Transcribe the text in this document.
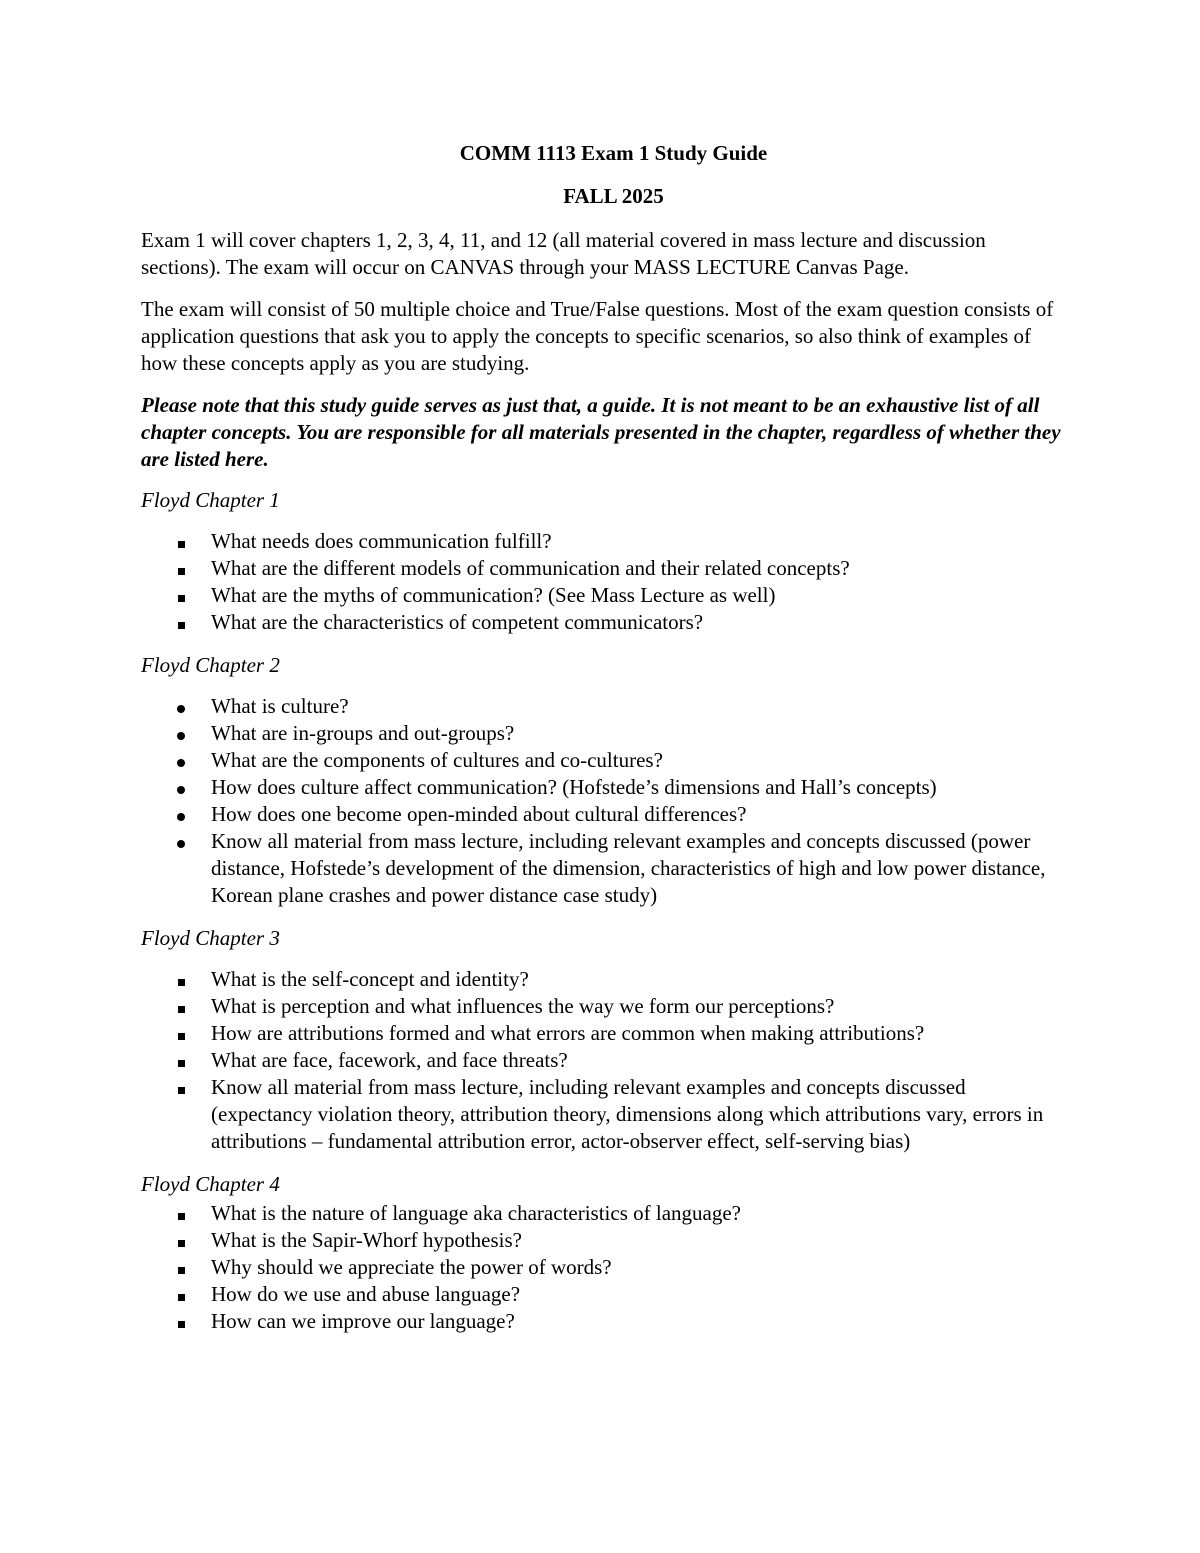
COMM 1113 Exam 1 Study Guide
FALL 2025

Exam 1 will cover chapters 1, 2, 3, 4, 11, and 12 (all material covered in mass lecture and discussion sections). The exam will occur on CANVAS through your MASS LECTURE Canvas Page.

The exam will consist of 50 multiple choice and True/False questions. Most of the exam question consists of application questions that ask you to apply the concepts to specific scenarios, so also think of examples of how these concepts apply as you are studying.

Please note that this study guide serves as just that, a guide. It is not meant to be an exhaustive list of all chapter concepts. You are responsible for all materials presented in the chapter, regardless of whether they are listed here.

Floyd Chapter 1
What needs does communication fulfill?
What are the different models of communication and their related concepts?
What are the myths of communication? (See Mass Lecture as well)
What are the characteristics of competent communicators?
Floyd Chapter 2
What is culture?
What are in-groups and out-groups?
What are the components of cultures and co-cultures?
How does culture affect communication? (Hofstede’s dimensions and Hall’s concepts)
How does one become open-minded about cultural differences?
Know all material from mass lecture, including relevant examples and concepts discussed (power distance, Hofstede’s development of the dimension, characteristics of high and low power distance, Korean plane crashes and power distance case study)
Floyd Chapter 3
What is the self-concept and identity?
What is perception and what influences the way we form our perceptions?
How are attributions formed and what errors are common when making attributions?
What are face, facework, and face threats?
Know all material from mass lecture, including relevant examples and concepts discussed (expectancy violation theory, attribution theory, dimensions along which attributions vary, errors in attributions – fundamental attribution error, actor-observer effect, self-serving bias)
Floyd Chapter 4
What is the nature of language aka characteristics of language?
What is the Sapir-Whorf hypothesis?
Why should we appreciate the power of words?
How do we use and abuse language?
How can we improve our language?
